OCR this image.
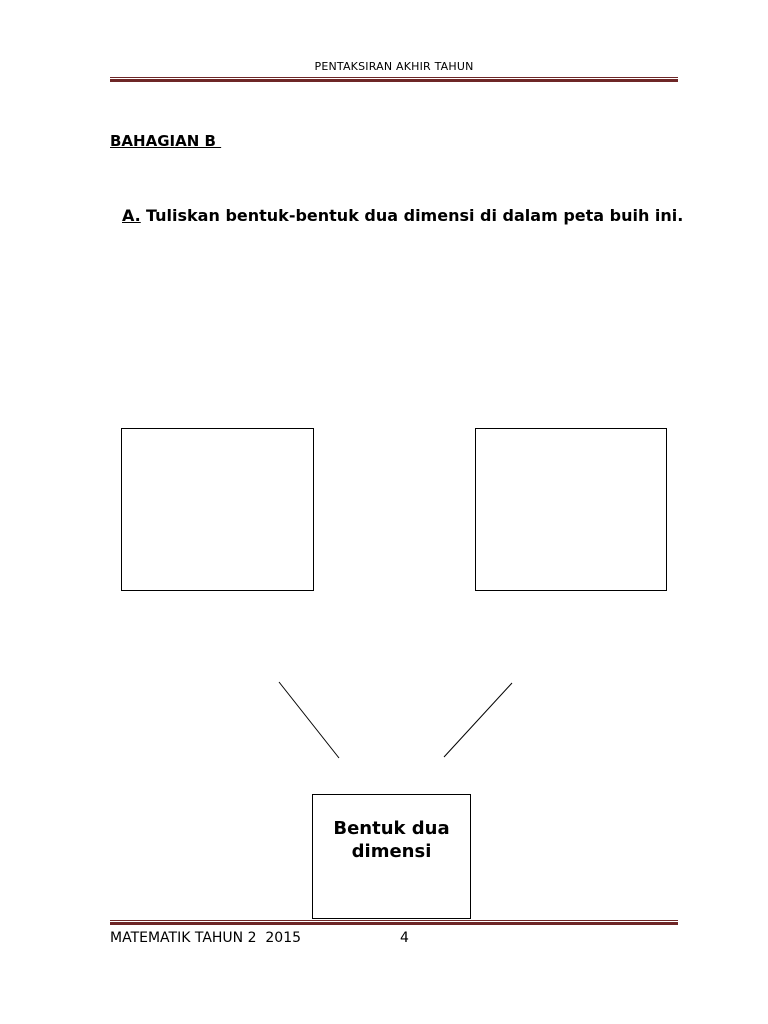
PENTAKSIRAN AKHIR TAHUN
BAHAGIAN B
A. Tuliskan bentuk-bentuk dua dimensi di dalam peta buih ini.
Bentuk dua dimensi
MATEMATIK TAHUN 2  2015	4
